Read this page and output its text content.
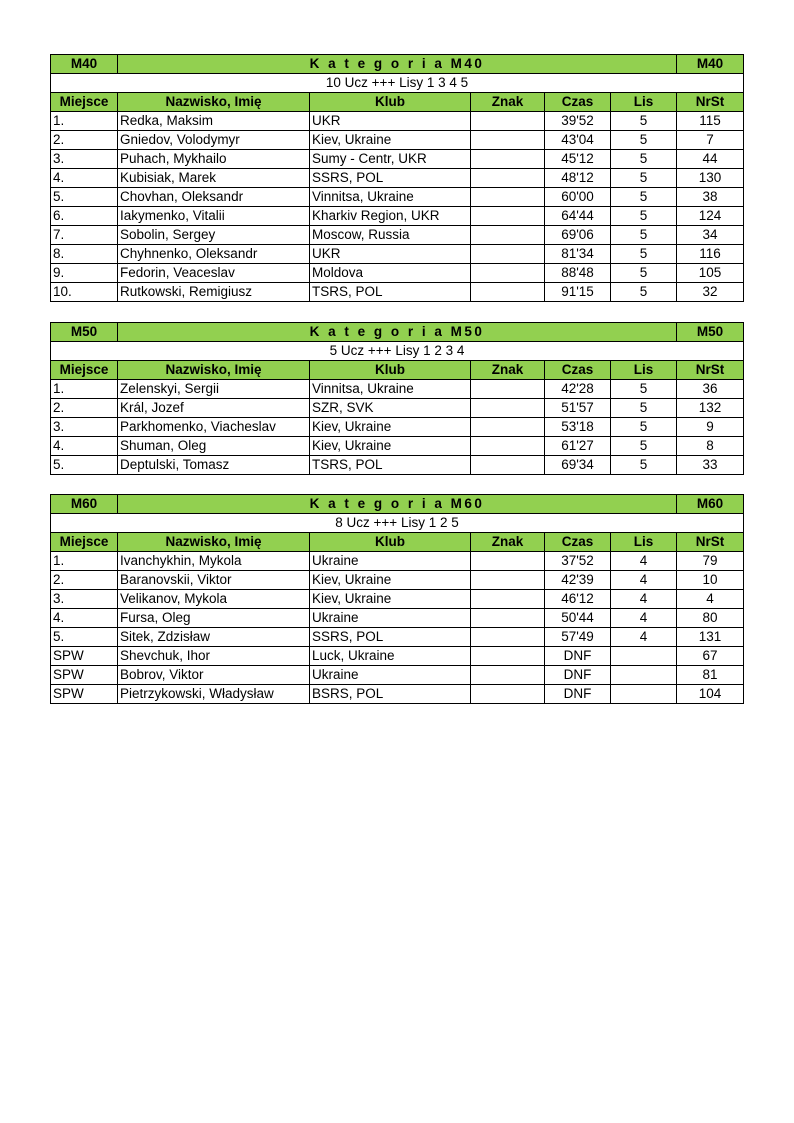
M40	K a t e g o r i a M40					M40
10 Ucz +++ Lisy 1 3 4 5						
Miejsce	Nazwisko, Imię	Klub	Znak	Czas	Lis	NrSt
1.	Redka, Maksim	UKR		39'52	5	115
2.	Gniedov, Volodymyr	Kiev, Ukraine		43'04	5	7
3.	Puhach, Mykhailo	Sumy - Centr, UKR		45'12	5	44
4.	Kubisiak, Marek	SSRS, POL		48'12	5	130
5.	Chovhan, Oleksandr	Vinnitsa, Ukraine		60'00	5	38
6.	Iakymenko, Vitalii	Kharkiv Region, UKR		64'44	5	124
7.	Sobolin, Sergey	Moscow, Russia		69'06	5	34
8.	Chyhnenko, Oleksandr	UKR		81'34	5	116
9.	Fedorin, Veaceslav	Moldova		88'48	5	105
10.	Rutkowski, Remigiusz	TSRS, POL		91'15	5	32
M50	K a t e g o r i a M50					M50
5 Ucz +++ Lisy 1 2 3 4						
Miejsce	Nazwisko, Imię	Klub	Znak	Czas	Lis	NrSt
1.	Zelenskyi, Sergii	Vinnitsa, Ukraine		42'28	5	36
2.	Král, Jozef	SZR, SVK		51'57	5	132
3.	Parkhomenko, Viacheslav	Kiev, Ukraine		53'18	5	9
4.	Shuman, Oleg	Kiev, Ukraine		61'27	5	8
5.	Deptulski, Tomasz	TSRS, POL		69'34	5	33
M60	K a t e g o r i a M60					M60
8 Ucz +++ Lisy 1 2 5						
Miejsce	Nazwisko, Imię	Klub	Znak	Czas	Lis	NrSt
1.	Ivanchykhin, Mykola	Ukraine		37'52	4	79
2.	Baranovskii, Viktor	Kiev, Ukraine		42'39	4	10
3.	Velikanov, Mykola	Kiev, Ukraine		46'12	4	4
4.	Fursa, Oleg	Ukraine		50'44	4	80
5.	Sitek, Zdzisław	SSRS, POL		57'49	4	131
SPW	Shevchuk, Ihor	Luck, Ukraine		DNF		67
SPW	Bobrov, Viktor	Ukraine		DNF		81
SPW	Pietrzykowski, Władysław	BSRS, POL		DNF		104
